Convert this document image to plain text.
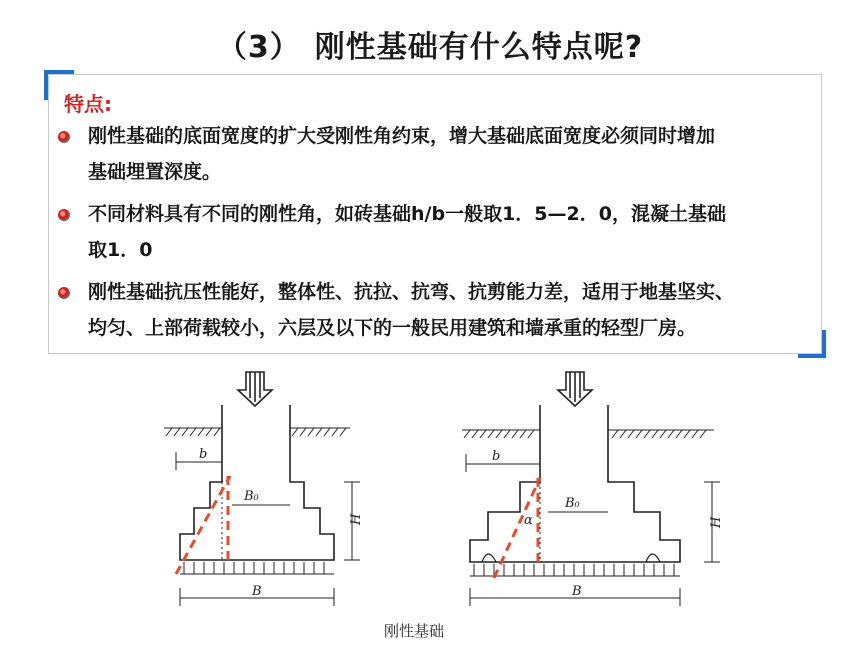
（3） 刚性基础有什么特点呢?
特点:
刚性基础的底面宽度的扩大受刚性角约束，增大基础底面宽度必须同时增加
基础埋置深度。
不同材料具有不同的刚性角，如砖基础h/b一般取1．5—2．0，混凝土基础
取1．0
刚性基础抗压性能好，整体性、抗拉、抗弯、抗剪能力差，适用于地基坚实、
均匀、上部荷载较小，六层及以下的一般民用建筑和墙承重的轻型厂房。
b
B₀
H
B
b
B₀
α	H
B
刚性基础
